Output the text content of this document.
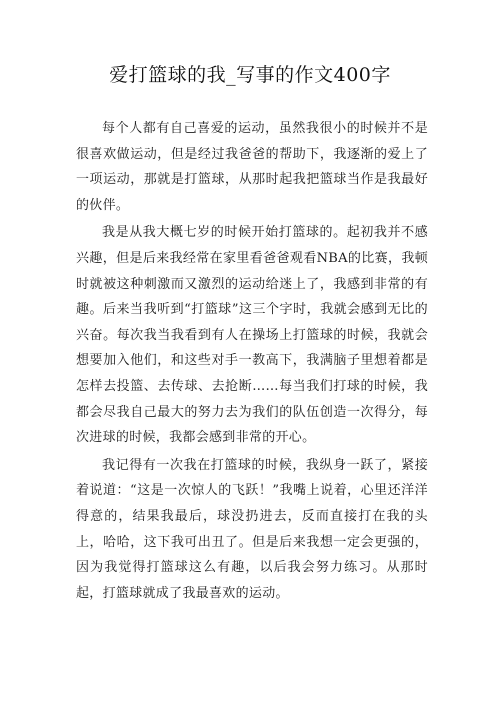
爱打篮球的我_写事的作文400字

每个人都有自己喜爱的运动，虽然我很小的时候并不是很喜欢做运动，但是经过我爸爸的帮助下，我逐渐的爱上了一项运动，那就是打篮球，从那时起我把篮球当作是我最好的伙伴。

我是从我大概七岁的时候开始打篮球的。起初我并不感兴趣，但是后来我经常在家里看爸爸观看NBA的比赛，我顿时就被这种刺激而又激烈的运动给迷上了，我感到非常的有趣。后来当我听到“打篮球”这三个字时，我就会感到无比的兴奋。每次我当我看到有人在操场上打篮球的时候，我就会想要加入他们，和这些对手一教高下，我满脑子里想着都是怎样去投篮、去传球、去抢断……每当我们打球的时候，我都会尽我自己最大的努力去为我们的队伍创造一次得分，每次进球的时候，我都会感到非常的开心。

我记得有一次我在打篮球的时候，我纵身一跃了，紧接着说道：“这是一次惊人的飞跃！”我嘴上说着，心里还洋洋得意的，结果我最后，球没扔进去，反而直接打在我的头上，哈哈，这下我可出丑了。但是后来我想一定会更强的，因为我觉得打篮球这么有趣，以后我会努力练习。从那时起，打篮球就成了我最喜欢的运动。
